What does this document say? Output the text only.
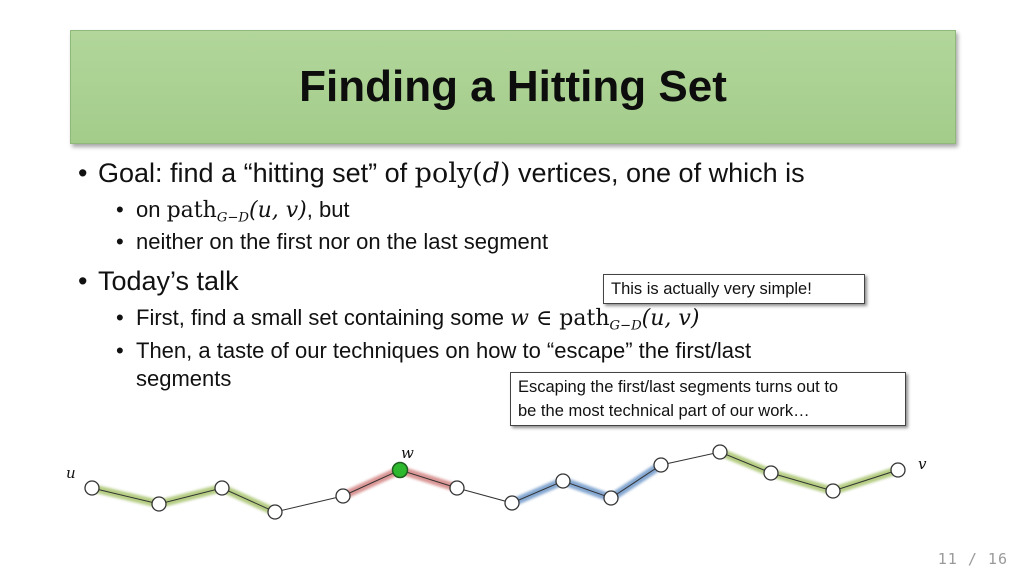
Finding a Hitting Set
• Goal: find a “hitting set” of poly(d) vertices, one of which is
• on path$_{G-D}$(u, v), but
• neither on the first nor on the last segment
• Today’s talk
• First, find a small set containing some w ∈ path$_{G-D}$(u, v)
• Then, a taste of our techniques on how to “escape” the first/last
segments
This is actually very simple!
Escaping the first/last segments turns out to
be the most technical part of our work…
u
w
v
11 / 16
